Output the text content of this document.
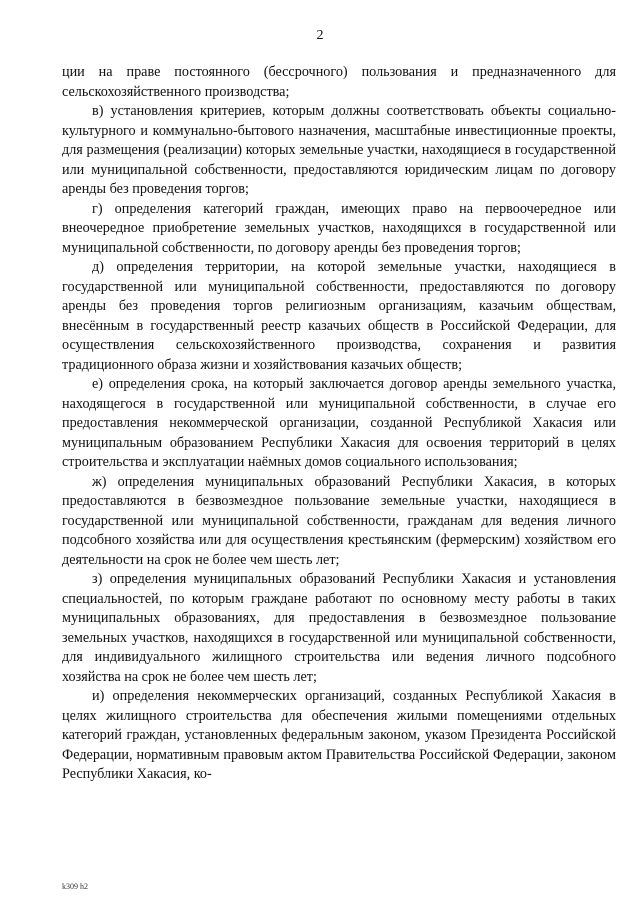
2

ции на праве постоянного (бессрочного) пользования и предназначенного для сельскохозяйственного производства;

в) установления критериев, которым должны соответствовать объекты социально-культурного и коммунально-бытового назначения, масштабные инвестиционные проекты, для размещения (реализации) которых земельные участки, находящиеся в государственной или муниципальной собственности, предоставляются юридическим лицам по договору аренды без проведения торгов;

г) определения категорий граждан, имеющих право на первоочередное или внеочередное приобретение земельных участков, находящихся в государственной или муниципальной собственности, по договору аренды без проведения торгов;

д) определения территории, на которой земельные участки, находящиеся в государственной или муниципальной собственности, предоставляются по договору аренды без проведения торгов религиозным организациям, казачьим обществам, внесённым в государственный реестр казачьих обществ в Российской Федерации, для осуществления сельскохозяйственного производства, сохранения и развития традиционного образа жизни и хозяйствования казачьих обществ;

е) определения срока, на который заключается договор аренды земельного участка, находящегося в государственной или муниципальной собственности, в случае его предоставления некоммерческой организации, созданной Республикой Хакасия или муниципальным образованием Республики Хакасия для освоения территорий в целях строительства и эксплуатации наёмных домов социального использования;

ж) определения муниципальных образований Республики Хакасия, в которых предоставляются в безвозмездное пользование земельные участки, находящиеся в государственной или муниципальной собственности, гражданам для ведения личного подсобного хозяйства или для осуществления крестьянским (фермерским) хозяйством его деятельности на срок не более чем шесть лет;

з) определения муниципальных образований Республики Хакасия и установления специальностей, по которым граждане работают по основному месту работы в таких муниципальных образованиях, для предоставления в безвозмездное пользование земельных участков, находящихся в государственной или муниципальной собственности, для индивидуального жилищного строительства или ведения личного подсобного хозяйства на срок не более чем шесть лет;

и) определения некоммерческих организаций, созданных Республикой Хакасия в целях жилищного строительства для обеспечения жилыми помещениями отдельных категорий граждан, установленных федеральным законом, указом Президента Российской Федерации, нормативным правовым актом Правительства Российской Федерации, законом Республики Хакасия, ко-

k309 h2
